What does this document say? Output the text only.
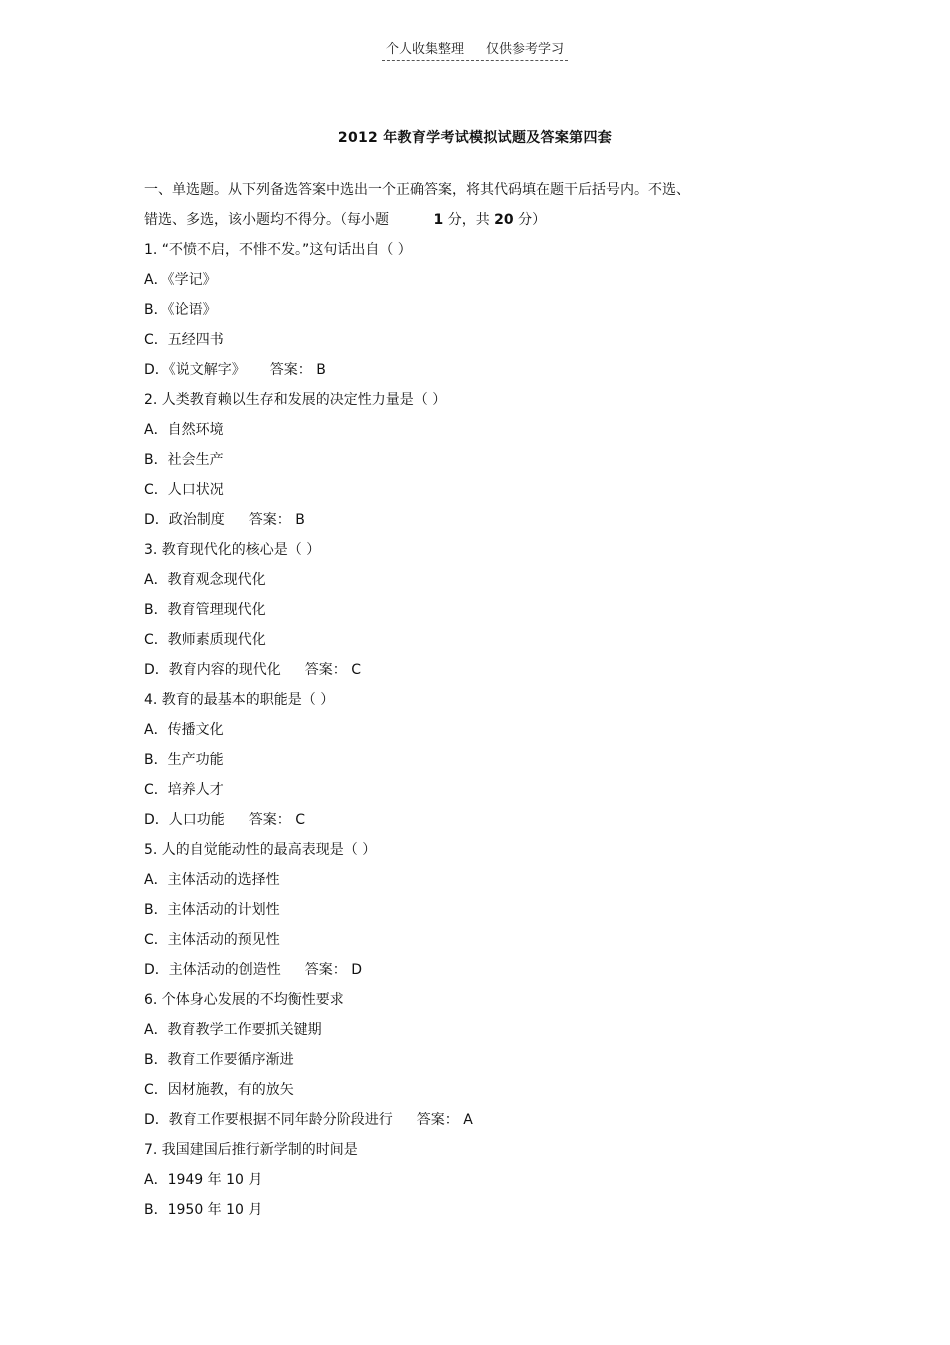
个人收集整理 仅供参考学习
2012 年教育学考试模拟试题及答案第四套
一、单选题。从下列备选答案中选出一个正确答案，将其代码填在题干后括号内。不选、
错选、多选，该小题均不得分。（每小题	1 分，共 20 分）
1. “不愤不启，不悱不发。”这句话出自（ ）
A．《学记》
B．《论语》
C．五经四书
D．《说文解字》 答案： B
2. 人类教育赖以生存和发展的决定性力量是（ ）
A．自然环境
B．社会生产
C．人口状况
D．政治制度 答案： B
3. 教育现代化的核心是（ ）
A．教育观念现代化
B．教育管理现代化
C．教师素质现代化
D．教育内容的现代化 答案： C
4. 教育的最基本的职能是（ ）
A．传播文化
B．生产功能
C．培养人才
D．人口功能 答案： C
5. 人的自觉能动性的最高表现是（ ）
A．主体活动的选择性
B．主体活动的计划性
C．主体活动的预见性
D．主体活动的创造性 答案： D
6. 个体身心发展的不均衡性要求
A．教育教学工作要抓关键期
B．教育工作要循序渐进
C．因材施教，有的放矢
D．教育工作要根据不同年龄分阶段进行 答案： A
7. 我国建国后推行新学制的时间是
A．1949 年 10 月
B．1950 年 10 月
